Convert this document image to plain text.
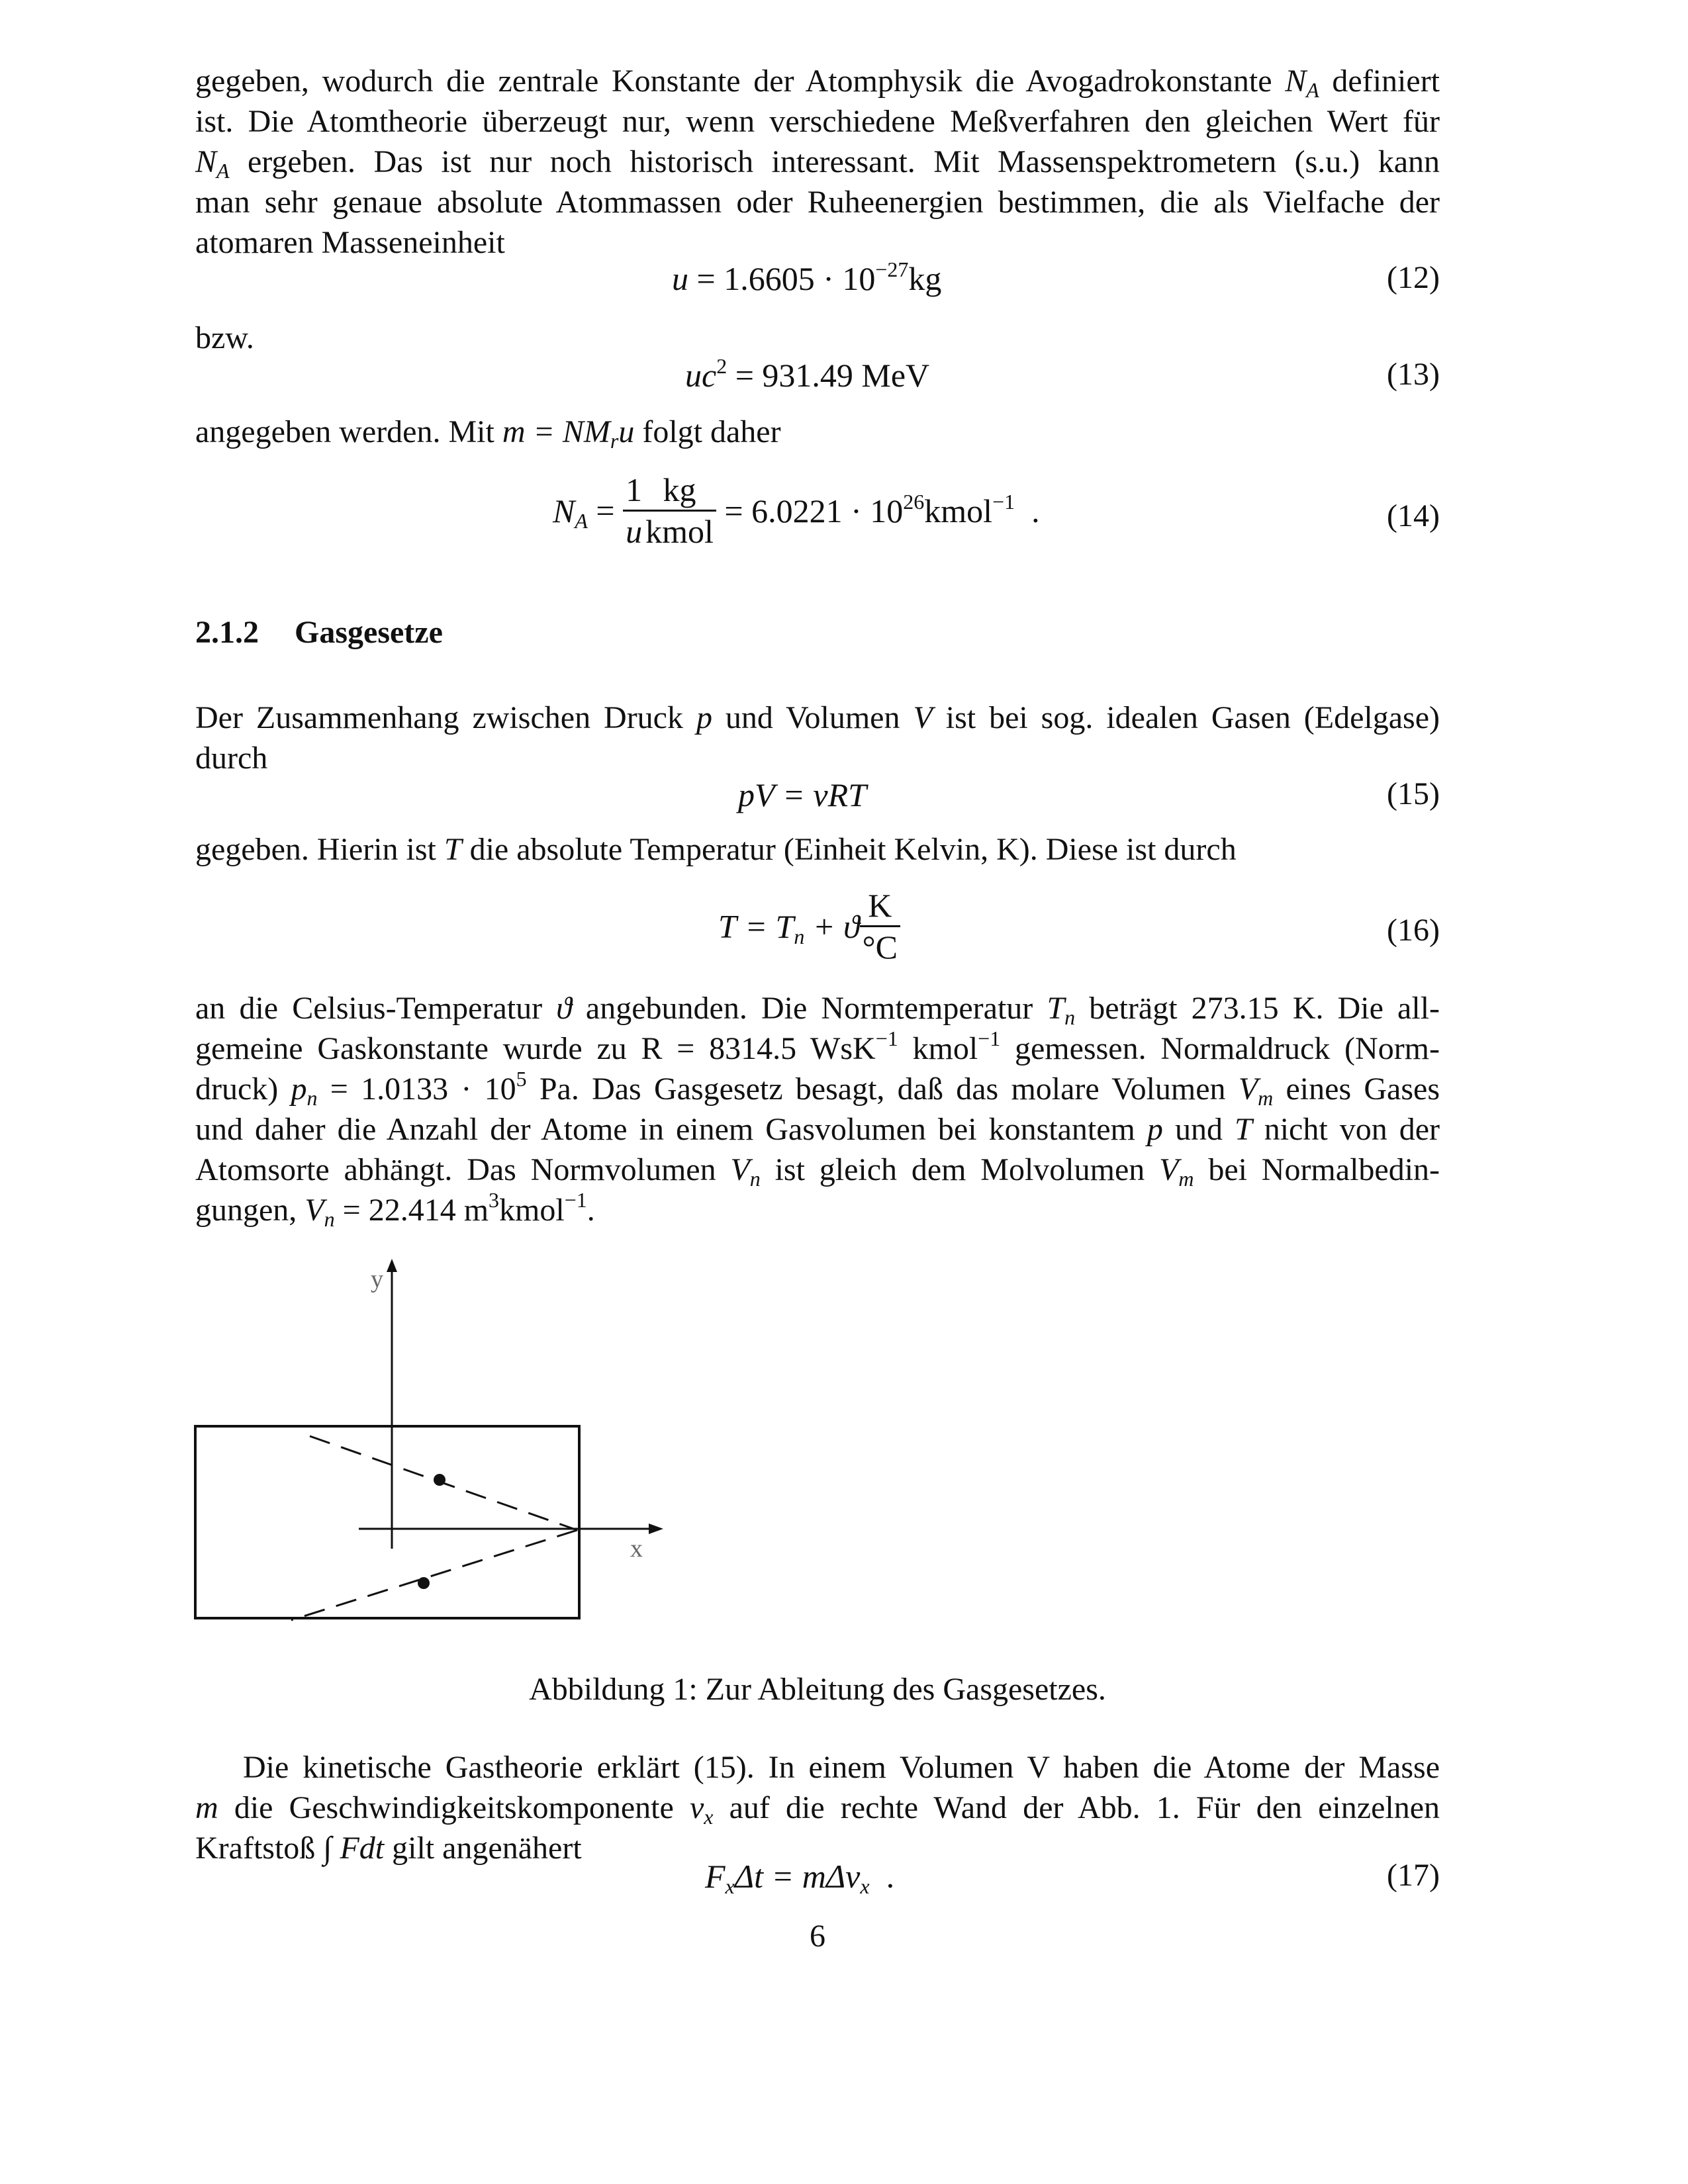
gegeben, wodurch die zentrale Konstante der Atomphysik die Avogadrokonstante $N_A$ definiert
ist. Die Atomtheorie überzeugt nur, wenn verschiedene Meßverfahren den gleichen Wert für
$N_A$ ergeben. Das ist nur noch historisch interessant. Mit Massenspektrometern (s.u.) kann
man sehr genaue absolute Atommassen oder Ruheenergien bestimmen, die als Vielfache der
atomaren Masseneinheit
$u = 1.6605 \cdot 10^{-27}kg$	(12)
bzw.
$uc^2 = 931.49$ MeV	(13)
angegeben werden. Mit $m = NM_ru$ folgt daher
$N_A = \frac{1}{u}$
$\frac{kg}{\text{kmol}} = 6.0221$ · $10^{26}kmol^{-1}$ .	(14)
2.1.2 Gasgesetze
Der Zusammenhang zwischen Druck p und Volumen V ist bei sog. idealen Gasen (Edelgase)
durch
pV = νRT	(15)
gegeben. Hierin ist T die absolute Temperatur (Einheit Kelvin, K). Diese ist durch
$T = T_n + ϑ \frac{K}{^\circ C}$	(16)
an die Celsius-Temperatur ϑ angebunden. Die Normtemperatur $T_n$ beträgt 273.15 K. Die all-
gemeine Gaskonstante wurde zu R = 8314.5 WsK$^{-1}$ kmol$^{-1}$ gemessen. Normaldruck (Norm-
druck) $p_n = 1.0133 \cdot 10^5$ Pa. Das Gasgesetz besagt, daß das molare Volumen $V_m$ eines Gases
und daher die Anzahl der Atome in einem Gasvolumen bei konstantem p und T nicht von der
Atomsorte abhängt. Das Normvolumen $V_n$ ist gleich dem Molvolumen $V_m$ bei Normalbedin-
gungen, $V_n = 22.414$ $m^3kmol^{-1}$.
y
x
Abbildung 1: Zur Ableitung des Gasgesetzes.
Die kinetische Gastheorie erklärt (15). In einem Volumen V haben die Atome der Masse
m die Geschwindigkeitskomponente $v_x$ auf die rechte Wand der Abb. 1. Für den einzelnen
Kraftstoß ∫ Fdt gilt angenähert
$F_x\Delta t = m\Delta v_x$ .	(17)
6
